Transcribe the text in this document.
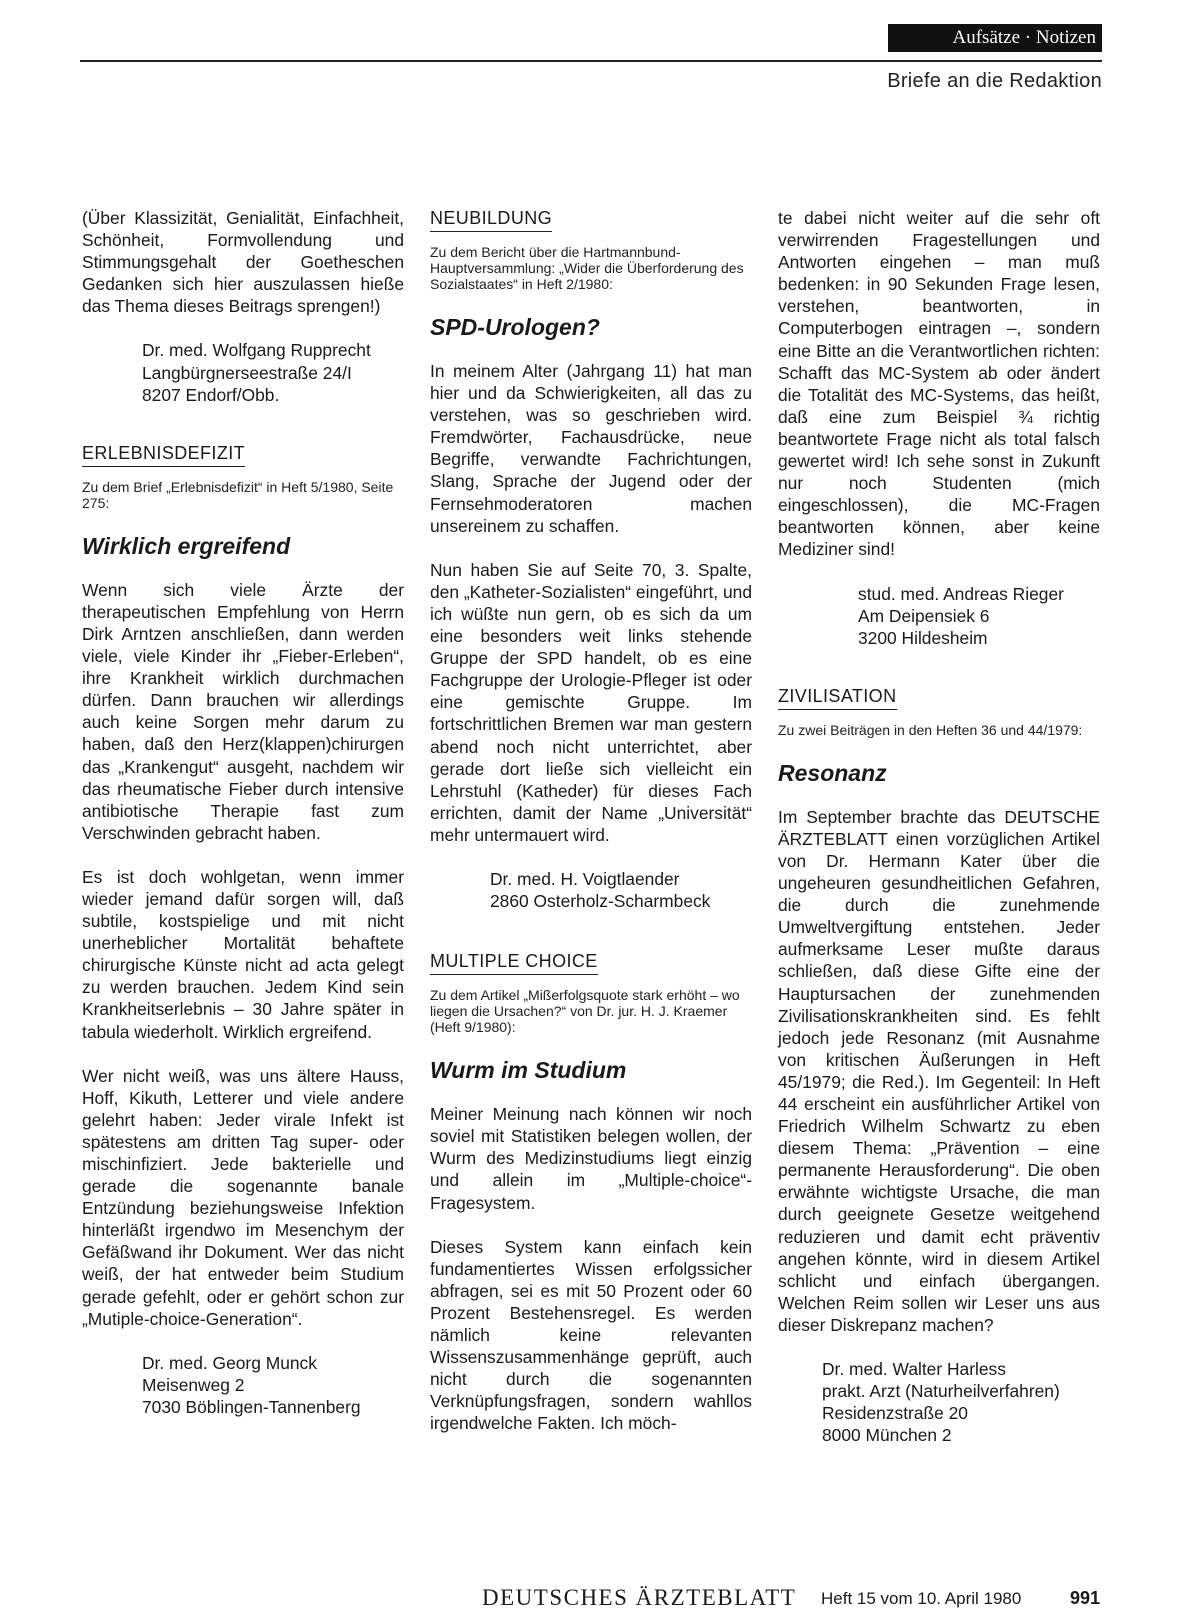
Aufsätze · Notizen
Briefe an die Redaktion

(Über Klassizität, Genialität, Einfachheit, Schönheit, Formvollendung und Stimmungsgehalt der Goetheschen Gedanken sich hier auszulassen hieße das Thema dieses Beitrags sprengen!)

Dr. med. Wolfgang Rupprecht
Langbürgnerseestraße 24/I
8207 Endorf/Obb.

ERLEBNISDEFIZIT

Zu dem Brief „Erlebnisdefizit“ in Heft 5/1980, Seite 275:

Wirklich ergreifend

Wenn sich viele Ärzte der therapeutischen Empfehlung von Herrn Dirk Arntzen anschließen, dann werden viele, viele Kinder ihr „Fieber-Erleben“, ihre Krankheit wirklich durchmachen dürfen. Dann brauchen wir allerdings auch keine Sorgen mehr darum zu haben, daß den Herz(klappen)chirurgen das „Krankengut“ ausgeht, nachdem wir das rheumatische Fieber durch intensive antibiotische Therapie fast zum Verschwinden gebracht haben.

Es ist doch wohlgetan, wenn immer wieder jemand dafür sorgen will, daß subtile, kostspielige und mit nicht unerheblicher Mortalität behaftete chirurgische Künste nicht ad acta gelegt zu werden brauchen. Jedem Kind sein Krankheitserlebnis – 30 Jahre später in tabula wiederholt. Wirklich ergreifend.

Wer nicht weiß, was uns ältere Hauss, Hoff, Kikuth, Letterer und viele andere gelehrt haben: Jeder virale Infekt ist spätestens am dritten Tag super- oder mischinfiziert. Jede bakterielle und gerade die sogenannte banale Entzündung beziehungsweise Infektion hinterläßt irgendwo im Mesenchym der Gefäßwand ihr Dokument. Wer das nicht weiß, der hat entweder beim Studium gerade gefehlt, oder er gehört schon zur „Mutiple-choice-Generation“.

Dr. med. Georg Munck
Meisenweg 2
7030 Böblingen-Tannenberg

NEUBILDUNG

Zu dem Bericht über die Hartmannbund-Hauptversammlung: „Wider die Überforderung des Sozialstaates“ in Heft 2/1980:

SPD-Urologen?

In meinem Alter (Jahrgang 11) hat man hier und da Schwierigkeiten, all das zu verstehen, was so geschrieben wird. Fremdwörter, Fachausdrücke, neue Begriffe, verwandte Fachrichtungen, Slang, Sprache der Jugend oder der Fernsehmoderatoren machen unsereinem zu schaffen.

Nun haben Sie auf Seite 70, 3. Spalte, den „Katheter-Sozialisten“ eingeführt, und ich wüßte nun gern, ob es sich da um eine besonders weit links stehende Gruppe der SPD handelt, ob es eine Fachgruppe der Urologie-Pfleger ist oder eine gemischte Gruppe. Im fortschrittlichen Bremen war man gestern abend noch nicht unterrichtet, aber gerade dort ließe sich vielleicht ein Lehrstuhl (Katheder) für dieses Fach errichten, damit der Name „Universität“ mehr untermauert wird.

Dr. med. H. Voigtlaender
2860 Osterholz-Scharmbeck

MULTIPLE CHOICE

Zu dem Artikel „Mißerfolgsquote stark erhöht – wo liegen die Ursachen?“ von Dr. jur. H. J. Kraemer (Heft 9/1980):

Wurm im Studium

Meiner Meinung nach können wir noch soviel mit Statistiken belegen wollen, der Wurm des Medizinstudiums liegt einzig und allein im „Multiple-choice“-Fragesystem.

Dieses System kann einfach kein fundamentiertes Wissen erfolgssicher abfragen, sei es mit 50 Prozent oder 60 Prozent Bestehensregel. Es werden nämlich keine relevanten Wissenszusammenhänge geprüft, auch nicht durch die sogenannten Verknüpfungsfragen, sondern wahllos irgendwelche Fakten. Ich möch-

te dabei nicht weiter auf die sehr oft verwirrenden Fragestellungen und Antworten eingehen – man muß bedenken: in 90 Sekunden Frage lesen, verstehen, beantworten, in Computerbogen eintragen –, sondern eine Bitte an die Verantwortlichen richten: Schafft das MC-System ab oder ändert die Totalität des MC-Systems, das heißt, daß eine zum Beispiel ¾ richtig beantwortete Frage nicht als total falsch gewertet wird! Ich sehe sonst in Zukunft nur noch Studenten (mich eingeschlossen), die MC-Fragen beantworten können, aber keine Mediziner sind!

stud. med. Andreas Rieger
Am Deipensiek 6
3200 Hildesheim

ZIVILISATION

Zu zwei Beiträgen in den Heften 36 und 44/1979:

Resonanz

Im September brachte das DEUTSCHE ÄRZTEBLATT einen vorzüglichen Artikel von Dr. Hermann Kater über die ungeheuren gesundheitlichen Gefahren, die durch die zunehmende Umweltvergiftung entstehen. Jeder aufmerksame Leser mußte daraus schließen, daß diese Gifte eine der Hauptursachen der zunehmenden Zivilisationskrankheiten sind. Es fehlt jedoch jede Resonanz (mit Ausnahme von kritischen Äußerungen in Heft 45/1979; die Red.). Im Gegenteil: In Heft 44 erscheint ein ausführlicher Artikel von Friedrich Wilhelm Schwartz zu eben diesem Thema: „Prävention – eine permanente Herausforderung“. Die oben erwähnte wichtigste Ursache, die man durch geeignete Gesetze weitgehend reduzieren und damit echt präventiv angehen könnte, wird in diesem Artikel schlicht und einfach übergangen. Welchen Reim sollen wir Leser uns aus dieser Diskrepanz machen?

Dr. med. Walter Harless
prakt. Arzt (Naturheilverfahren)
Residenzstraße 20
8000 München 2
DEUTSCHES ÄRZTEBLATT Heft 15 vom 10. April 1980	991
